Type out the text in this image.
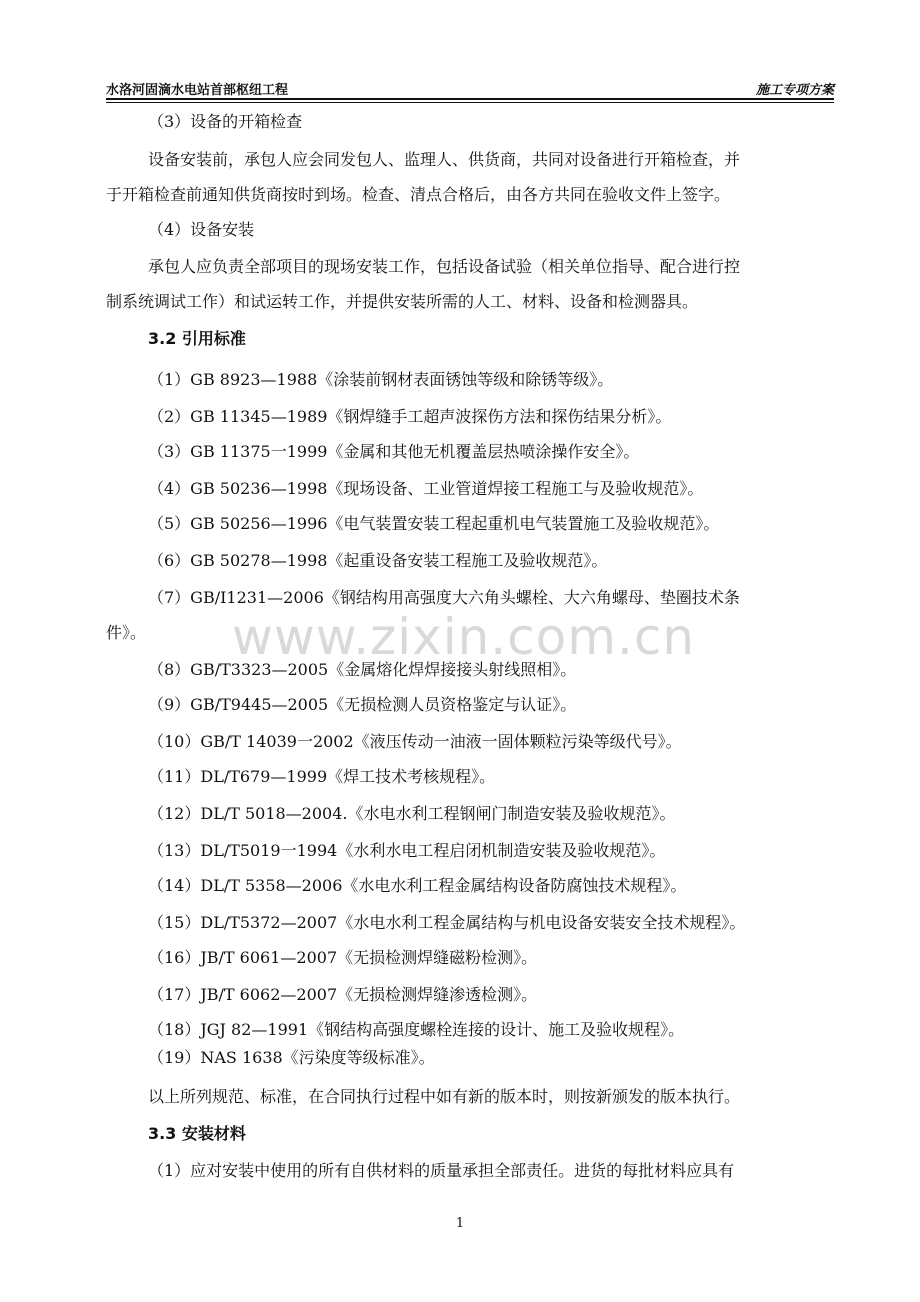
水洛河固滴水电站首部枢纽工程	施工专项方案
www.zixin.com.cn
（3）设备的开箱检查
设备安装前，承包人应会同发包人、监理人、供货商，共同对设备进行开箱检查，并
于开箱检查前通知供货商按时到场。检查、清点合格后，由各方共同在验收文件上签字。
（4）设备安装
承包人应负责全部项目的现场安装工作，包括设备试验（相关单位指导、配合进行控
制系统调试工作）和试运转工作，并提供安装所需的人工、材料、设备和检测器具。
3.2 引用标准
（1）GB 8923—1988《涂装前钢材表面锈蚀等级和除锈等级》。
（2）GB 11345—1989《钢焊缝手工超声波探伤方法和探伤结果分析》。
（3）GB 11375一1999《金属和其他无机覆盖层热喷涂操作安全》。
（4）GB 50236—1998《现场设备、工业管道焊接工程施工与及验收规范》。
（5）GB 50256—1996《电气装置安装工程起重机电气装置施工及验收规范》。
（6）GB 50278—1998《起重设备安装工程施工及验收规范》。
（7）GB/I1231—2006《钢结构用高强度大六角头螺栓、大六角螺母、垫圈技术条
件》。
（8）GB/T3323—2005《金属熔化焊焊接接头射线照相》。
（9）GB/T9445—2005《无损检测人员资格鉴定与认证》。
（10）GB/T 14039一2002《液压传动一油液一固体颗粒污染等级代号》。
（11）DL/T679—1999《焊工技术考核规程》。
（12）DL/T 5018—2004.《水电水利工程钢闸门制造安装及验收规范》。
（13）DL/T5019一1994《水利水电工程启闭机制造安装及验收规范》。
（14）DL/T 5358—2006《水电水利工程金属结构设备防腐蚀技术规程》。
（15）DL/T5372—2007《水电水利工程金属结构与机电设备安装安全技术规程》。
（16）JB/T 6061—2007《无损检测焊缝磁粉检测》。
（17）JB/T 6062—2007《无损检测焊缝渗透检测》。
（18）JGJ 82—1991《钢结构高强度螺栓连接的设计、施工及验收规程》。
（19）NAS 1638《污染度等级标准》。
以上所列规范、标准，在合同执行过程中如有新的版本时，则按新颁发的版本执行。
3.3 安装材料
（1）应对安装中使用的所有自供材料的质量承担全部责任。进货的每批材料应具有
1
